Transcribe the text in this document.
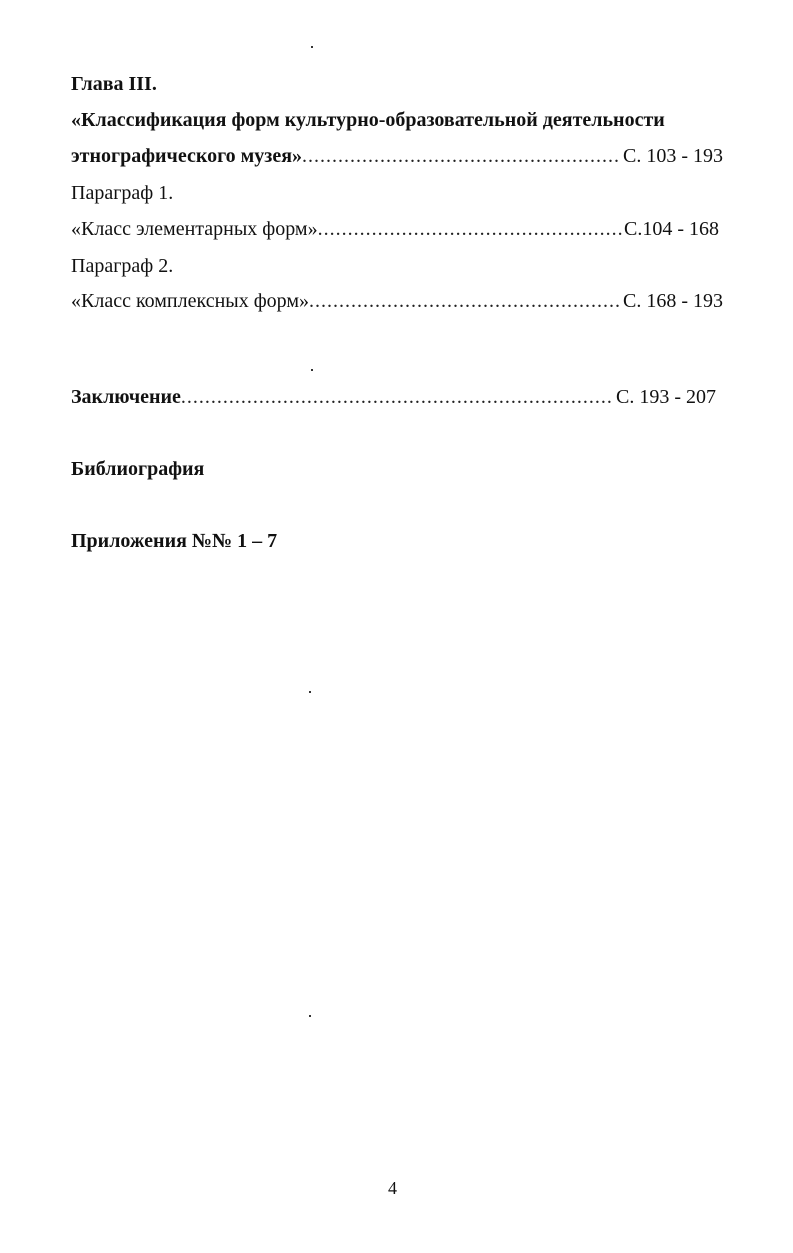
Глава III.
«Классификация форм культурно-образовательной деятельности
этнографического музея» .....	С. 103 - 193
Параграф 1.
«Класс элементарных форм» .....	С.104 - 168
Параграф 2.
«Класс комплексных форм» .....	С. 168 - 193
Заключение .....	С. 193 - 207
Библиография
Приложения №№ 1 – 7
4
